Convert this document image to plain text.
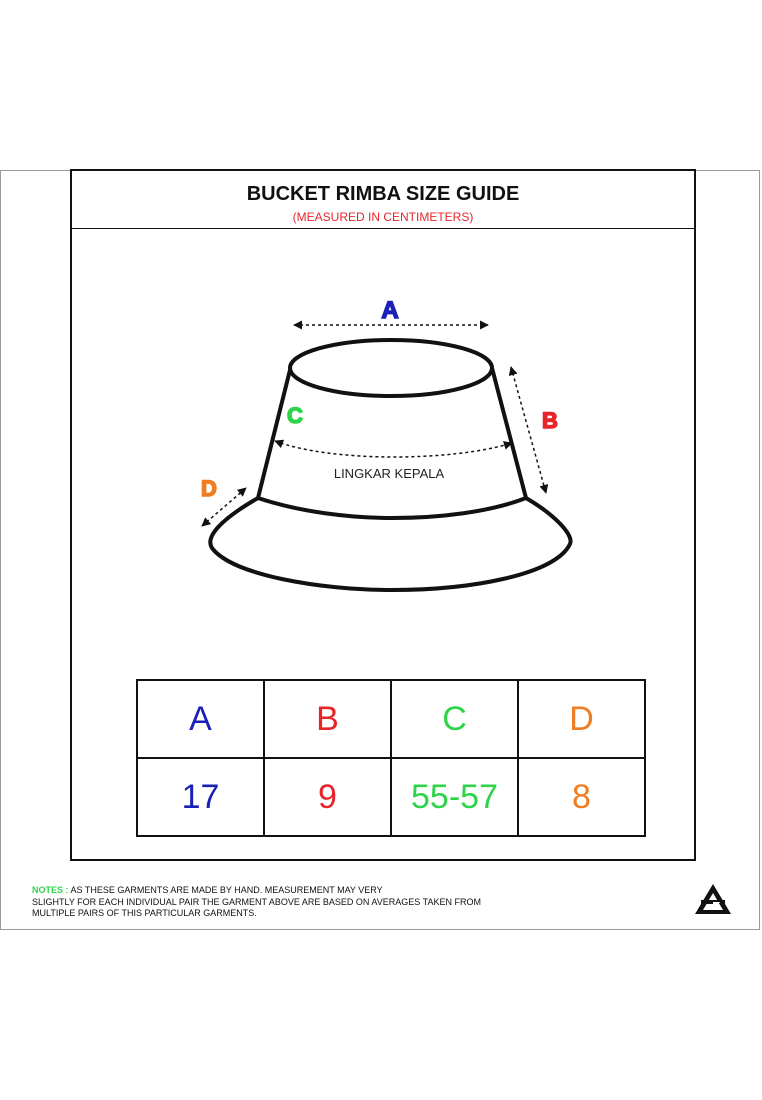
BUCKET RIMBA SIZE GUIDE
(MEASURED IN CENTIMETERS)
A
B
C
D
LINGKAR KEPALA
A	B	C	D
17	9	55-57	8
NOTES : AS THESE GARMENTS ARE MADE BY HAND. MEASUREMENT MAY VERY
SLIGHTLY FOR EACH INDIVIDUAL PAIR THE GARMENT ABOVE ARE BASED ON AVERAGES TAKEN FROM
MULTIPLE PAIRS OF THIS PARTICULAR GARMENTS.
